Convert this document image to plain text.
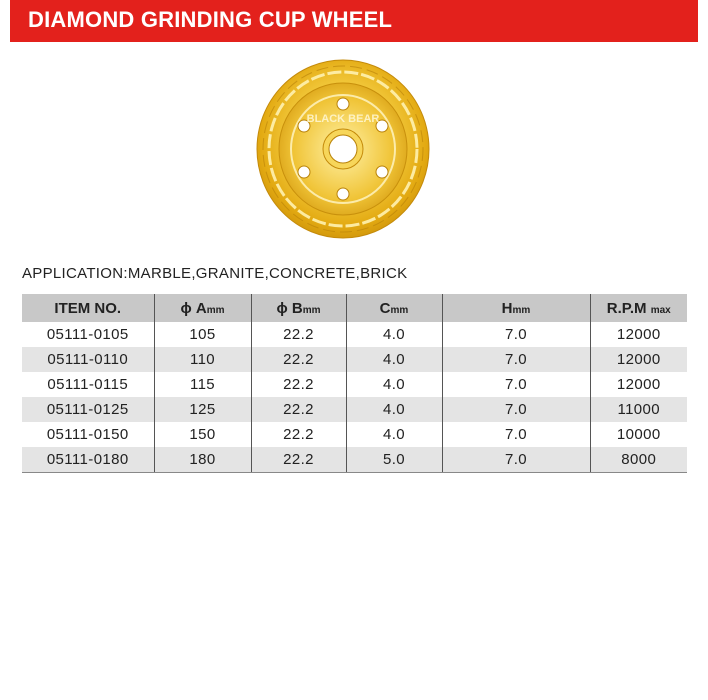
DIAMOND GRINDING CUP WHEEL
BLACK BEAR
APPLICATION:MARBLE,GRANITE,CONCRETE,BRICK
ITEM NO.	ϕ Amm	ϕ Bmm	Cmm	Hmm	R.P.M max
05111-0105	105	22.2	4.0	7.0	12000
05111-0110	110	22.2	4.0	7.0	12000
05111-0115	115	22.2	4.0	7.0	12000
05111-0125	125	22.2	4.0	7.0	11000
05111-0150	150	22.2	4.0	7.0	10000
05111-0180	180	22.2	5.0	7.0	8000
